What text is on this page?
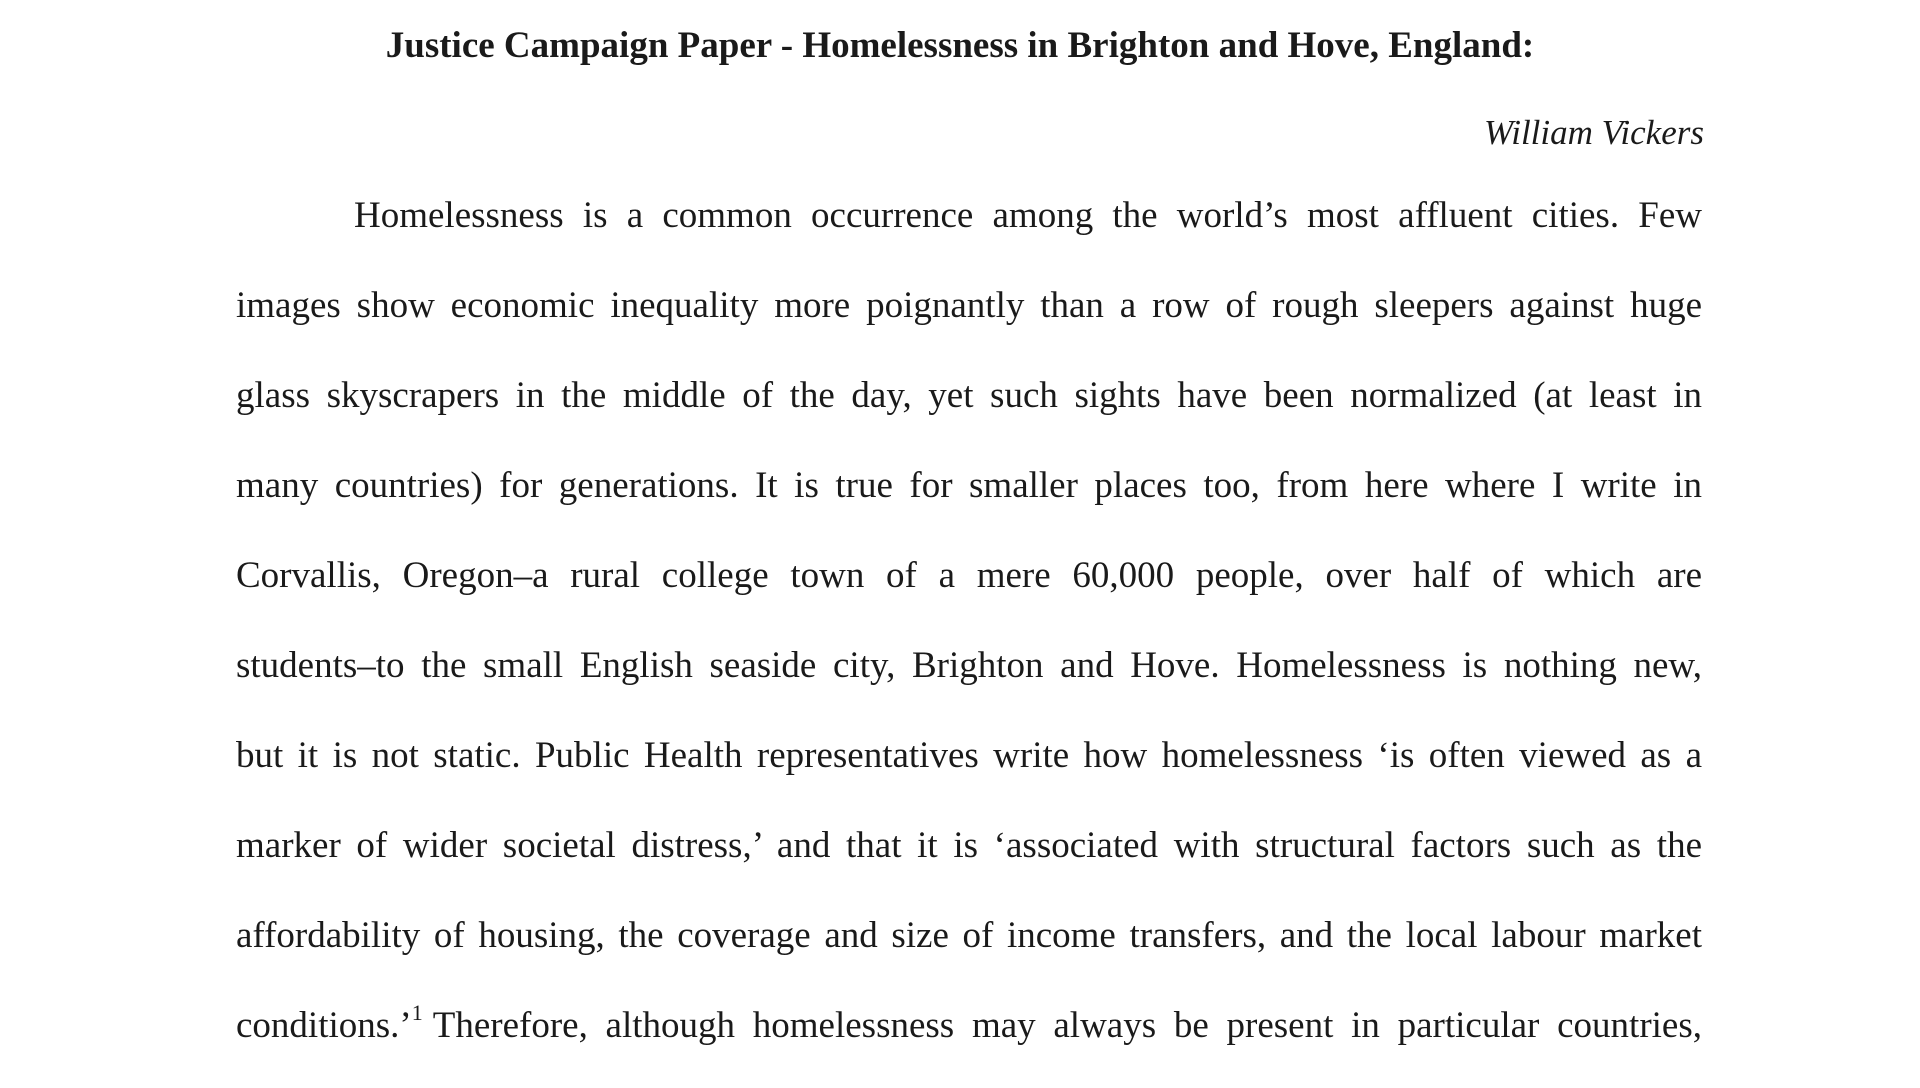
Justice Campaign Paper - Homelessness in Brighton and Hove, England:

William Vickers

Homelessness is a common occurrence among the world’s most affluent cities. Few
images show economic inequality more poignantly than a row of rough sleepers against huge
glass skyscrapers in the middle of the day, yet such sights have been normalized (at least in
many countries) for generations. It is true for smaller places too, from here where I write in
Corvallis, Oregon–a rural college town of a mere 60,000 people, over half of which are
students–to the small English seaside city, Brighton and Hove. Homelessness is nothing new,
but it is not static. Public Health representatives write how homelessness ‘is often viewed as a
marker of wider societal distress,’ and that it is ‘associated with structural factors such as the
affordability of housing, the coverage and size of income transfers, and the local labour market
conditions.’$^1$ Therefore, although homelessness may always be present in particular countries,
